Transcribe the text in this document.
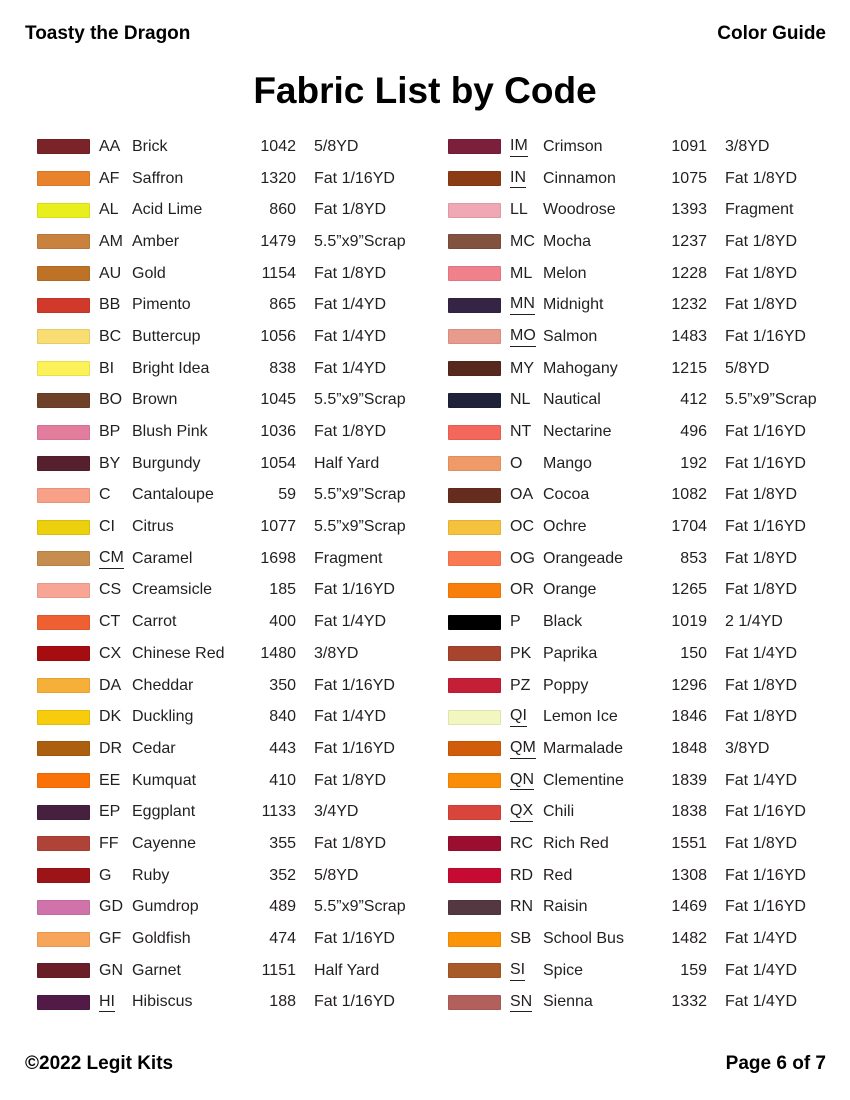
Toasty the Dragon	Color Guide
Fabric List by Code
AA Brick	1042	5/8YD
AF Saffron	1320	Fat 1/16YD
AL Acid Lime	860	Fat 1/8YD
AM Amber	1479	5.5”x9”Scrap
AU Gold	1154	Fat 1/8YD
BB Pimento	865	Fat 1/4YD
BC Buttercup	1056	Fat 1/4YD
BI	Bright Idea	838	Fat 1/4YD
BO Brown	1045	5.5”x9”Scrap
BP Blush Pink	1036	Fat 1/8YD
BY Burgundy	1054	Half Yard
C	Cantaloupe	59	5.5”x9”Scrap
CI	Citrus	1077	5.5”x9”Scrap
CM Caramel	1698	Fragment
CS Creamsicle	185	Fat 1/16YD
CT Carrot	400	Fat 1/4YD
CX Chinese Red	1480	3/8YD
DA Cheddar	350	Fat 1/16YD
DK Duckling	840	Fat 1/4YD
DR Cedar	443	Fat 1/16YD
EE Kumquat	410	Fat 1/8YD
EP Eggplant	1133	3/4YD
FF Cayenne	355	Fat 1/8YD
G	Ruby	352	5/8YD
GD Gumdrop	489	5.5”x9”Scrap
GF Goldfish	474	Fat 1/16YD
GN Garnet	1151	Half Yard
HI	Hibiscus	188	Fat 1/16YD
IM Crimson	1091	3/8YD
IN	Cinnamon	1075	Fat 1/8YD
LL Woodrose	1393	Fragment
MC Mocha	1237	Fat 1/8YD
ML Melon	1228	Fat 1/8YD
MN Midnight	1232	Fat 1/8YD
MO Salmon	1483	Fat 1/16YD
MY Mahogany	1215	5/8YD
NL Nautical	412	5.5”x9”Scrap
NT Nectarine	496	Fat 1/16YD
O	Mango	192	Fat 1/16YD
OA Cocoa	1082	Fat 1/8YD
OC Ochre	1704	Fat 1/16YD
OG Orangeade	853	Fat 1/8YD
OR Orange	1265	Fat 1/8YD
P	Black	1019	2 1/4YD
PK Paprika	150	Fat 1/4YD
PZ Poppy	1296	Fat 1/8YD
QI	Lemon Ice	1846	Fat 1/8YD
QM Marmalade	1848	3/8YD
QN Clementine	1839	Fat 1/4YD
QX Chili	1838	Fat 1/16YD
RC Rich Red	1551	Fat 1/8YD
RD Red	1308	Fat 1/16YD
RN Raisin	1469	Fat 1/16YD
SB School Bus	1482	Fat 1/4YD
SI	Spice	159	Fat 1/4YD
SN Sienna	1332	Fat 1/4YD
©2022 Legit Kits	Page 6 of 7
